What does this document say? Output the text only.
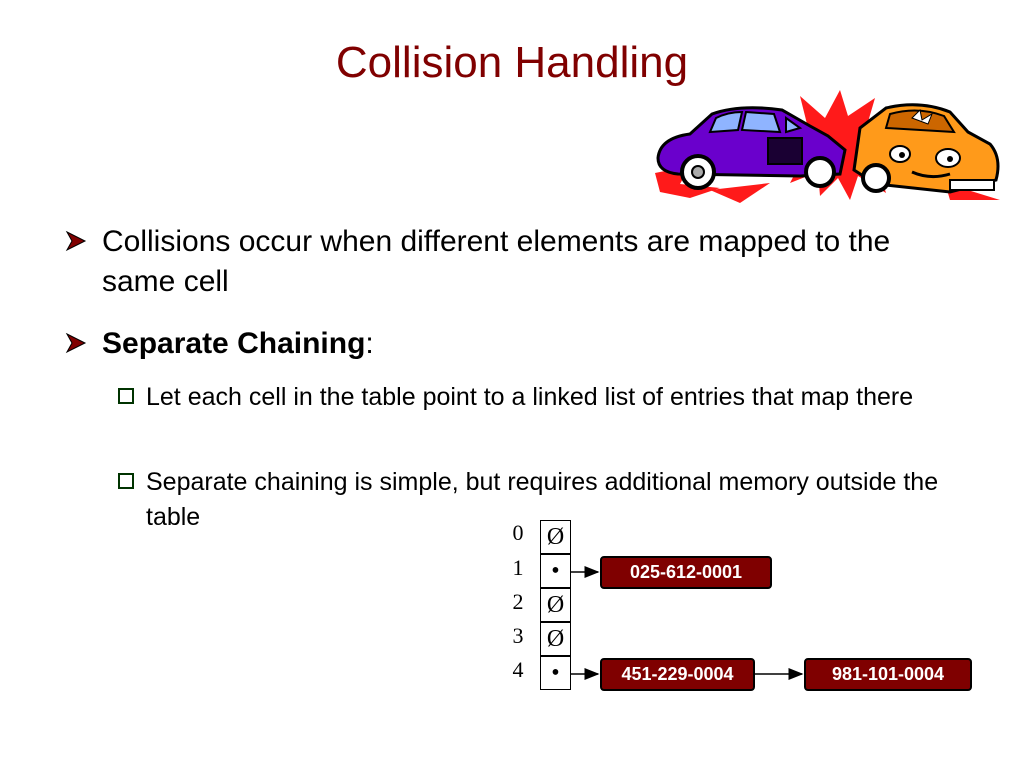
Collision Handling
Collisions occur when different elements are mapped to the same cell
Separate Chaining:
Let each cell in the table point to a linked list of entries that map there
Separate chaining is simple, but requires additional memory outside the table
0
1
2
3
4
Ø
•
Ø
Ø
•
025-612-0001
451-229-0004	981-101-0004
